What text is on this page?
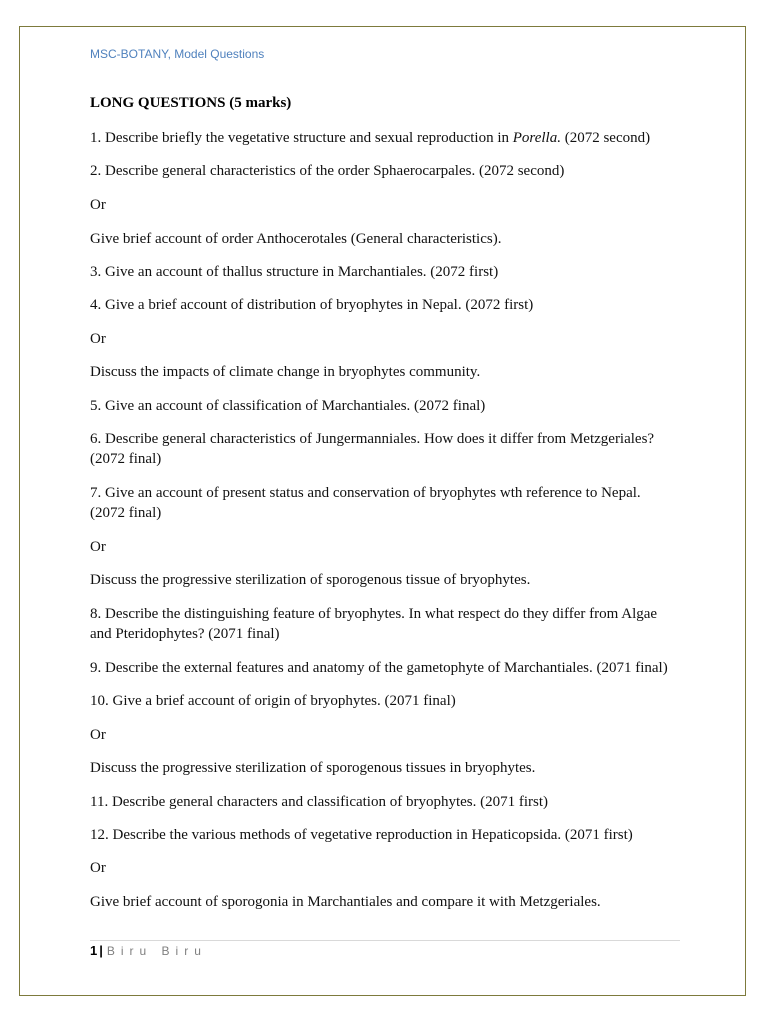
MSC-BOTANY, Model Questions
LONG QUESTIONS (5 marks)
1. Describe briefly the vegetative structure and sexual reproduction in Porella. (2072 second)
2. Describe general characteristics of the order Sphaerocarpales. (2072 second)
Or
Give brief account of order Anthocerotales (General characteristics).
3. Give an account of thallus structure in Marchantiales. (2072 first)
4. Give a brief account of distribution of bryophytes in Nepal. (2072 first)
Or
Discuss the impacts of climate change in bryophytes community.
5. Give an account of classification of Marchantiales. (2072 final)
6. Describe general characteristics of Jungermanniales. How does it differ from Metzgeriales? (2072 final)
7. Give an account of present status and conservation of bryophytes wth reference to Nepal. (2072 final)
Or
Discuss the progressive sterilization of sporogenous tissue of bryophytes.
8. Describe the distinguishing feature of bryophytes. In what respect do they differ from Algae and Pteridophytes? (2071 final)
9. Describe the external features and anatomy of the gametophyte of Marchantiales. (2071 final)
10. Give a brief account of origin of bryophytes. (2071 final)
Or
Discuss the progressive sterilization of sporogenous tissues in bryophytes.
11. Describe general characters and classification of bryophytes. (2071 first)
12. Describe the various methods of vegetative reproduction in Hepaticopsida. (2071 first)
Or
Give brief account of sporogonia in Marchantiales and compare it with Metzgeriales.
1 | Biru Biru
